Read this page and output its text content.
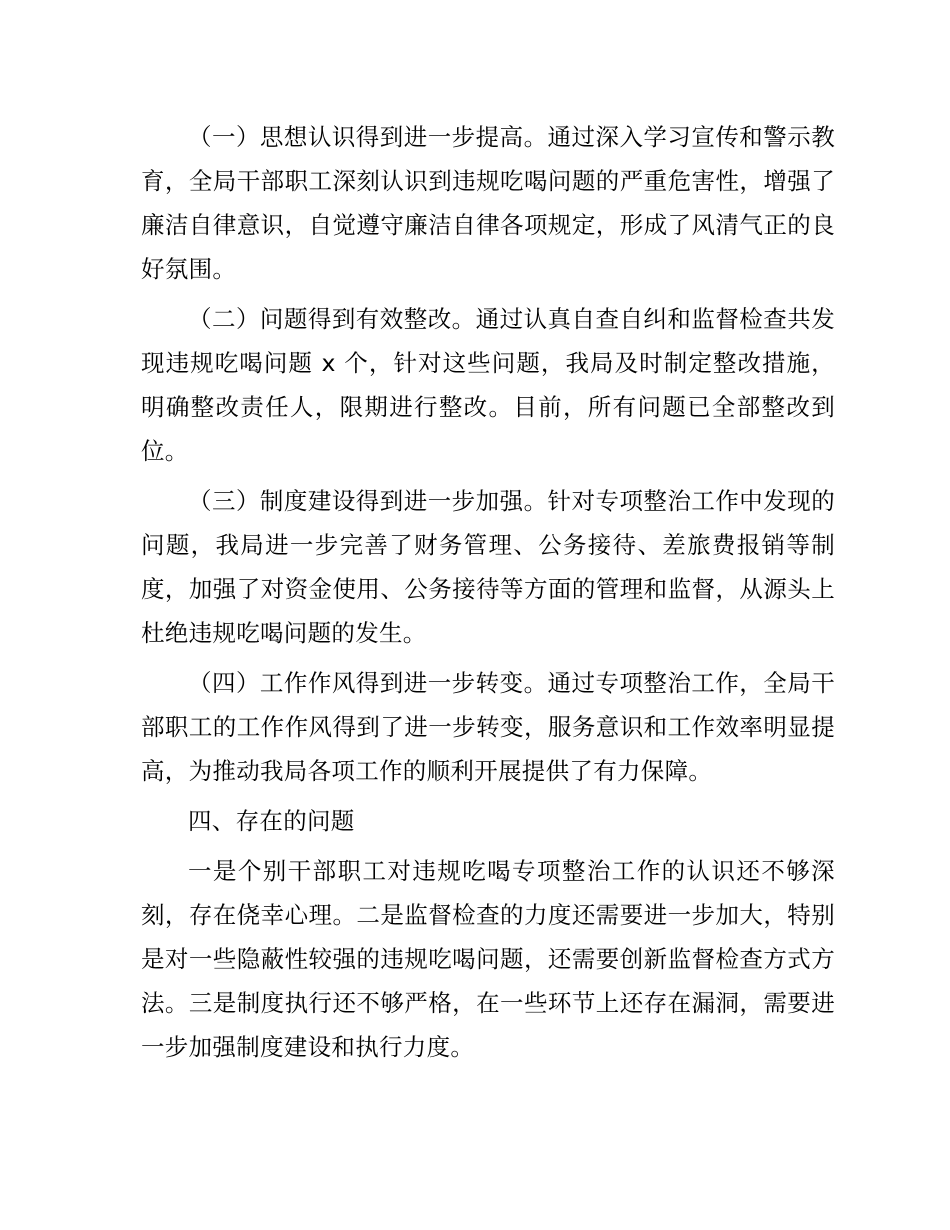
（一）思想认识得到进一步提高。通过深入学习宣传和警示教育，全局干部职工深刻认识到违规吃喝问题的严重危害性，增强了廉洁自律意识，自觉遵守廉洁自律各项规定，形成了风清气正的良好氛围。

（二）问题得到有效整改。通过认真自查自纠和监督检查共发现违规吃喝问题 x 个，针对这些问题，我局及时制定整改措施，明确整改责任人，限期进行整改。目前，所有问题已全部整改到位。

（三）制度建设得到进一步加强。针对专项整治工作中发现的问题，我局进一步完善了财务管理、公务接待、差旅费报销等制度，加强了对资金使用、公务接待等方面的管理和监督，从源头上杜绝违规吃喝问题的发生。

（四）工作作风得到进一步转变。通过专项整治工作，全局干部职工的工作作风得到了进一步转变，服务意识和工作效率明显提高，为推动我局各项工作的顺利开展提供了有力保障。

四、存在的问题

一是个别干部职工对违规吃喝专项整治工作的认识还不够深刻，存在侥幸心理。二是监督检查的力度还需要进一步加大，特别是对一些隐蔽性较强的违规吃喝问题，还需要创新监督检查方式方法。三是制度执行还不够严格，在一些环节上还存在漏洞，需要进一步加强制度建设和执行力度。
